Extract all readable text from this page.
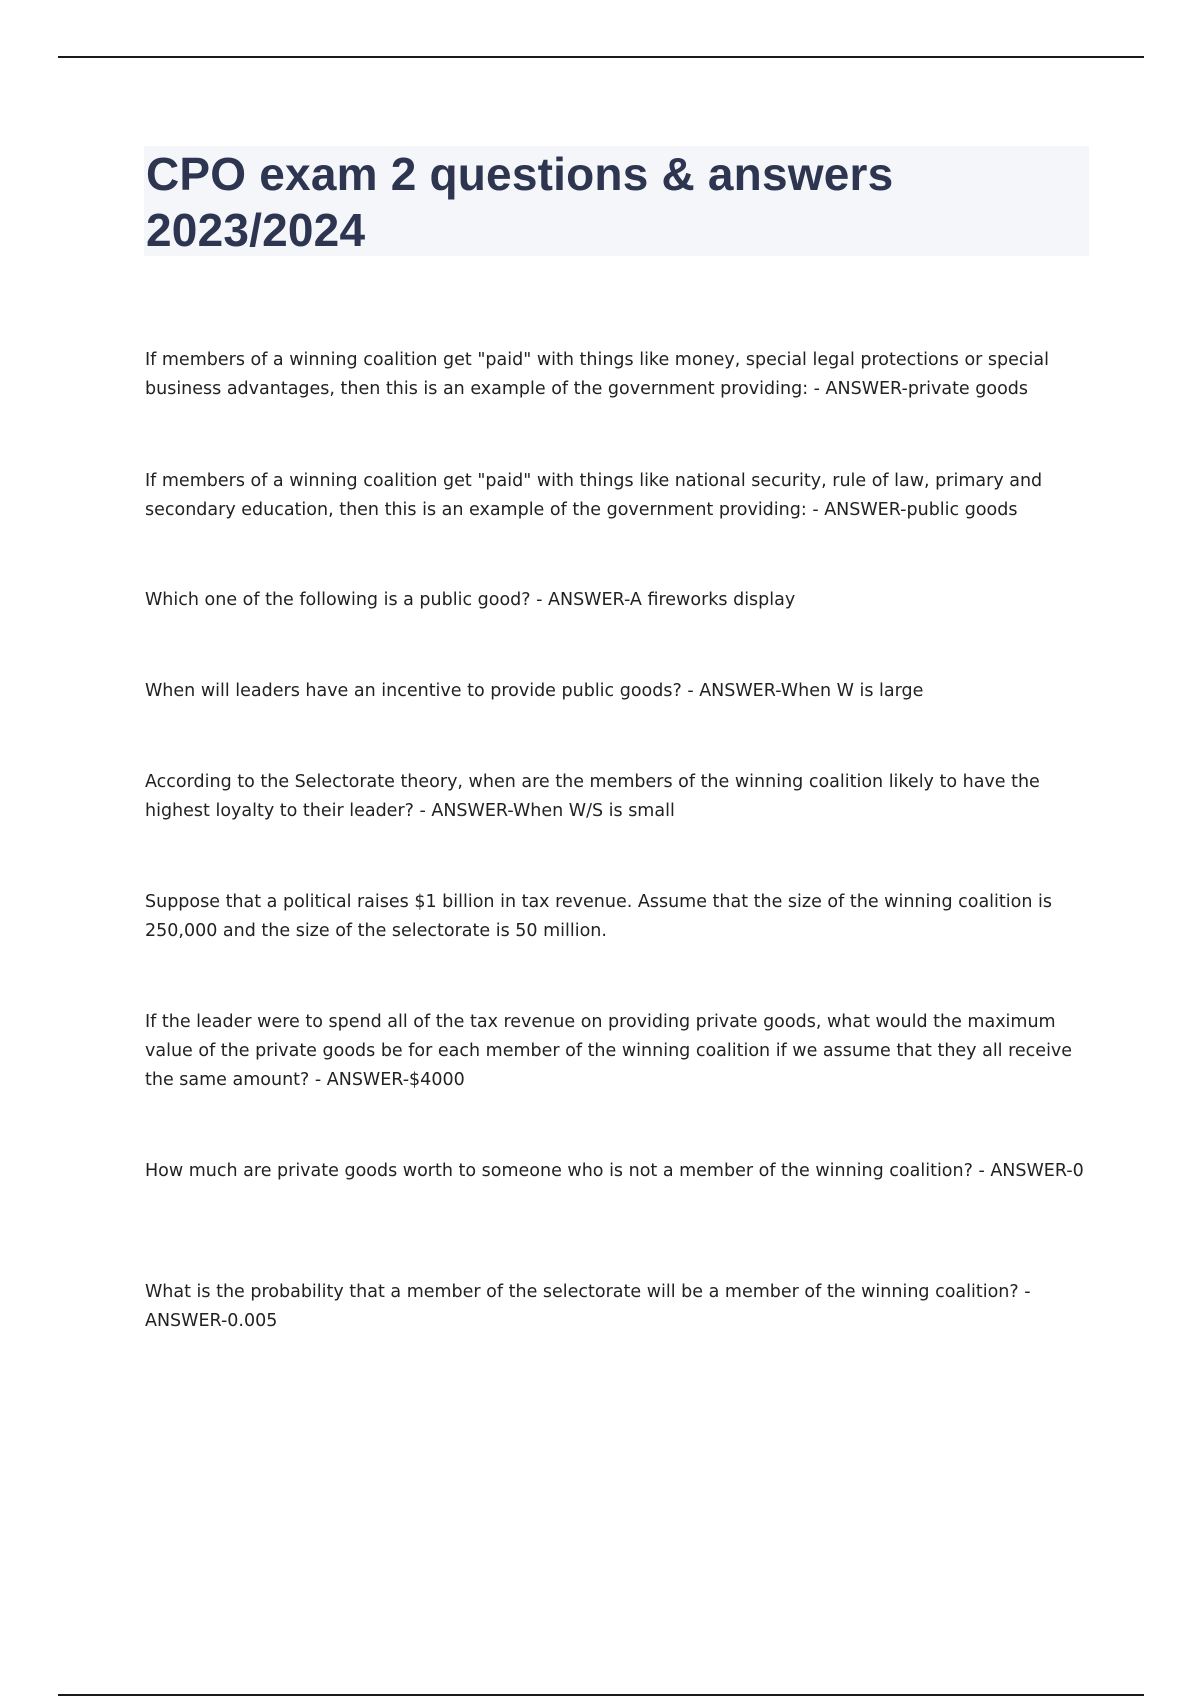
CPO exam 2 questions & answers 2023/2024

If members of a winning coalition get "paid" with things like money, special legal protections or special business advantages, then this is an example of the government providing: - ANSWER-private goods

If members of a winning coalition get "paid" with things like national security, rule of law, primary and secondary education, then this is an example of the government providing: - ANSWER-public goods

Which one of the following is a public good? - ANSWER-A fireworks display

When will leaders have an incentive to provide public goods? - ANSWER-When W is large

According to the Selectorate theory, when are the members of the winning coalition likely to have the highest loyalty to their leader? - ANSWER-When W/S is small

Suppose that a political raises $1 billion in tax revenue. Assume that the size of the winning coalition is 250,000 and the size of the selectorate is 50 million.

If the leader were to spend all of the tax revenue on providing private goods, what would the maximum value of the private goods be for each member of the winning coalition if we assume that they all receive the same amount? - ANSWER-$4000

How much are private goods worth to someone who is not a member of the winning coalition? - ANSWER-0

What is the probability that a member of the selectorate will be a member of the winning coalition? - ANSWER-0.005
